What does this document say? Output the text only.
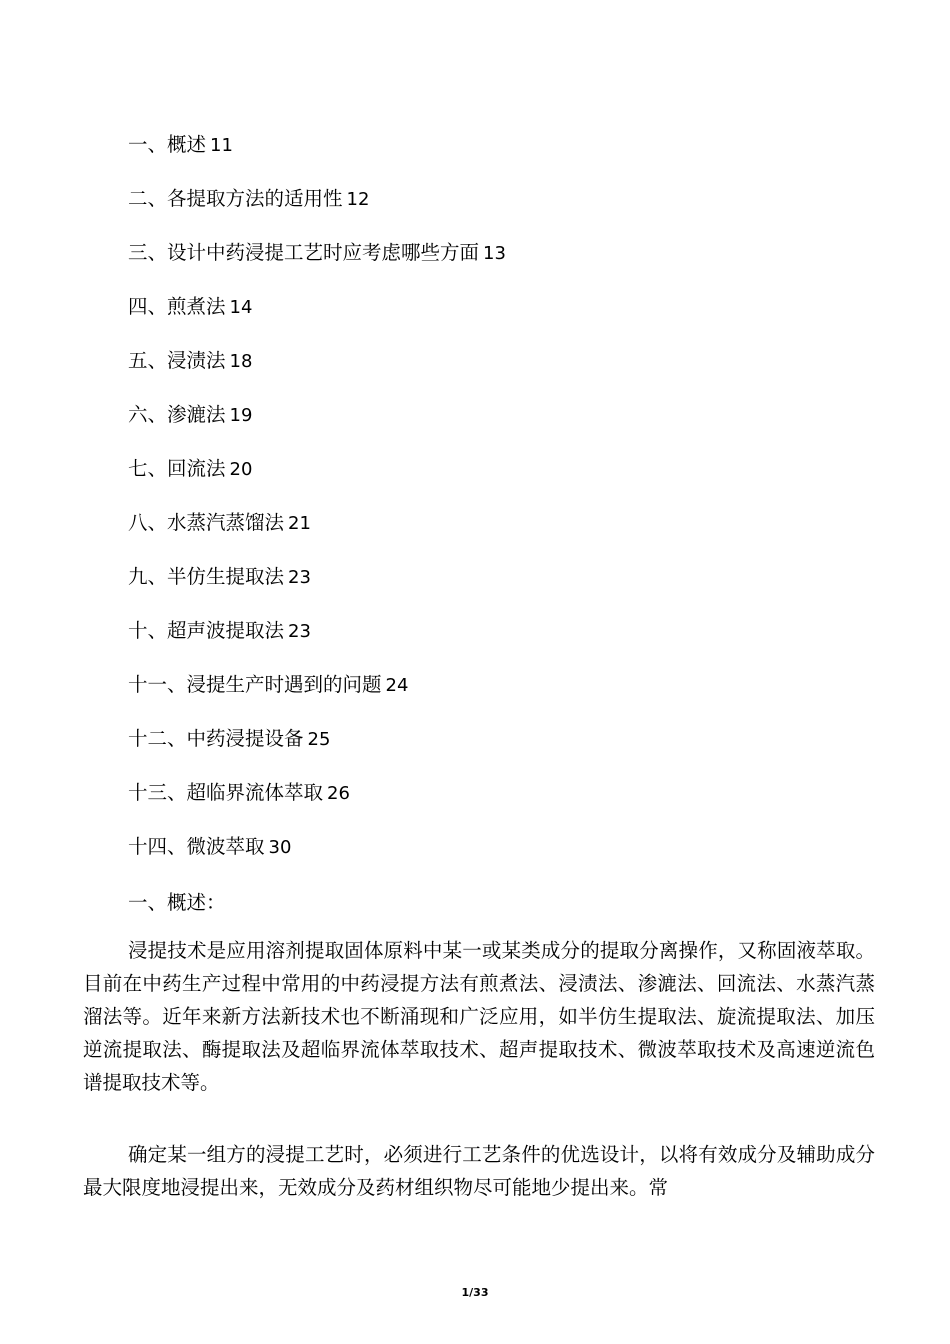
一、概述 11
二、各提取方法的适用性 12
三、设计中药浸提工艺时应考虑哪些方面 13
四、煎煮法 14
五、浸渍法 18
六、渗漉法 19
七、回流法 20
八、水蒸汽蒸馏法 21
九、半仿生提取法 23
十、超声波提取法 23
十一、浸提生产时遇到的问题 24
十二、中药浸提设备 25
十三、超临界流体萃取 26
十四、微波萃取 30
一、概述：

浸提技术是应用溶剂提取固体原料中某一或某类成分的提取分离操作，又称固液萃取。目前在中药生产过程中常用的中药浸提方法有煎煮法、浸渍法、渗漉法、回流法、水蒸汽蒸溜法等。近年来新方法新技术也不断涌现和广泛应用，如半仿生提取法、旋流提取法、加压逆流提取法、酶提取法及超临界流体萃取技术、超声提取技术、微波萃取技术及高速逆流色谱提取技术等。

确定某一组方的浸提工艺时，必须进行工艺条件的优选设计，以将有效成分及辅助成分最大限度地浸提出来，无效成分及药材组织物尽可能地少提出来。常

1/33
